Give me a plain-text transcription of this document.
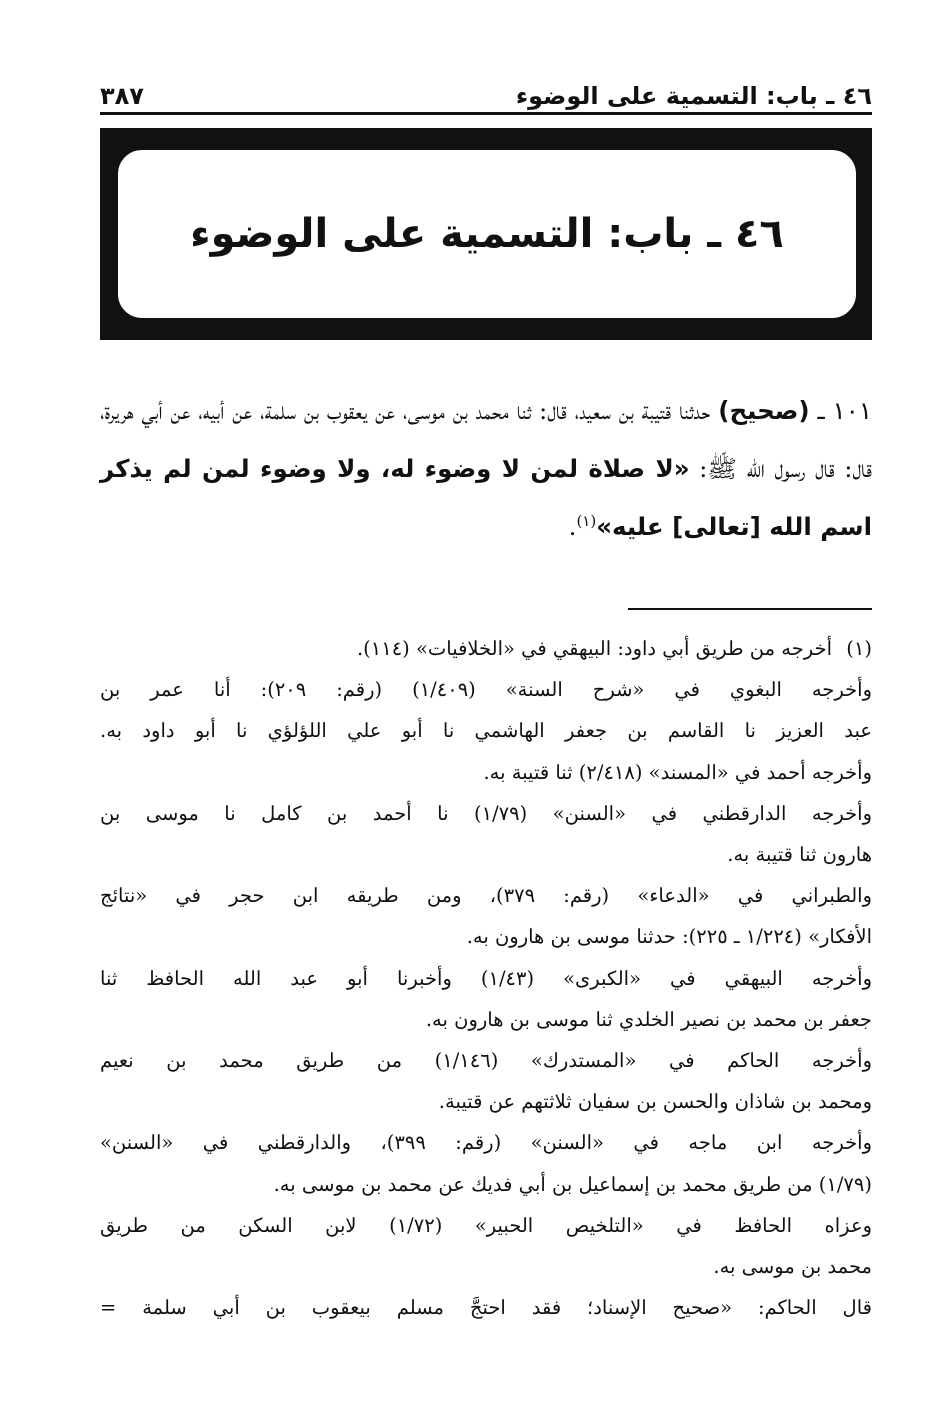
٣٨٧	٤٦ ـ باب: التسمية على الوضوء
٤٦ ـ باب: التسمية على الوضوء

١٠١ ـ (صحيح) حدثنا قتيبة بن سعيد، قال: ثنا محمد بن موسى، عن يعقوب بن سلمة، عن أبيه، عن أبي هريرة، قال: قال رسول الله ﷺ: «لا صلاة لمن لا وضوء له، ولا وضوء لمن لم يذكر اسم الله [تعالى] عليه»$^{(١)}$.

(١)
أخرجه من طريق أبي داود: البيهقي في «الخلافيات» (١١٤).
وأخرجه البغوي في «شرح السنة» (١/٤٠٩) (رقم: ٢٠٩): أنا عمر بن
عبد العزيز نا القاسم بن جعفر الهاشمي نا أبو علي اللؤلؤي نا أبو داود به.
وأخرجه أحمد في «المسند» (٢/٤١٨) ثنا قتيبة به.
وأخرجه الدارقطني في «السنن» (١/٧٩) نا أحمد بن كامل نا موسى بن
هارون ثنا قتيبة به.
والطبراني في «الدعاء» (رقم: ٣٧٩)، ومن طريقه ابن حجر في «نتائج
الأفكار» (١/٢٢٤ ـ ٢٢٥): حدثنا موسى بن هارون به.
وأخرجه البيهقي في «الكبرى» (١/٤٣) وأخبرنا أبو عبد الله الحافظ ثنا
جعفر بن محمد بن نصير الخلدي ثنا موسى بن هارون به.
وأخرجه الحاكم في «المستدرك» (١/١٤٦) من طريق محمد بن نعيم
ومحمد بن شاذان والحسن بن سفيان ثلاثتهم عن قتيبة.
وأخرجه ابن ماجه في «السنن» (رقم: ٣٩٩)، والدارقطني في «السنن»
(١/٧٩) من طريق محمد بن إسماعيل بن أبي فديك عن محمد بن موسى به.
وعزاه الحافظ في «التلخيص الحبير» (١/٧٢) لابن السكن من طريق
محمد بن موسى به.
قال الحاكم: «صحيح الإسناد؛ فقد احتجَّ مسلم بيعقوب بن أبي سلمة =
